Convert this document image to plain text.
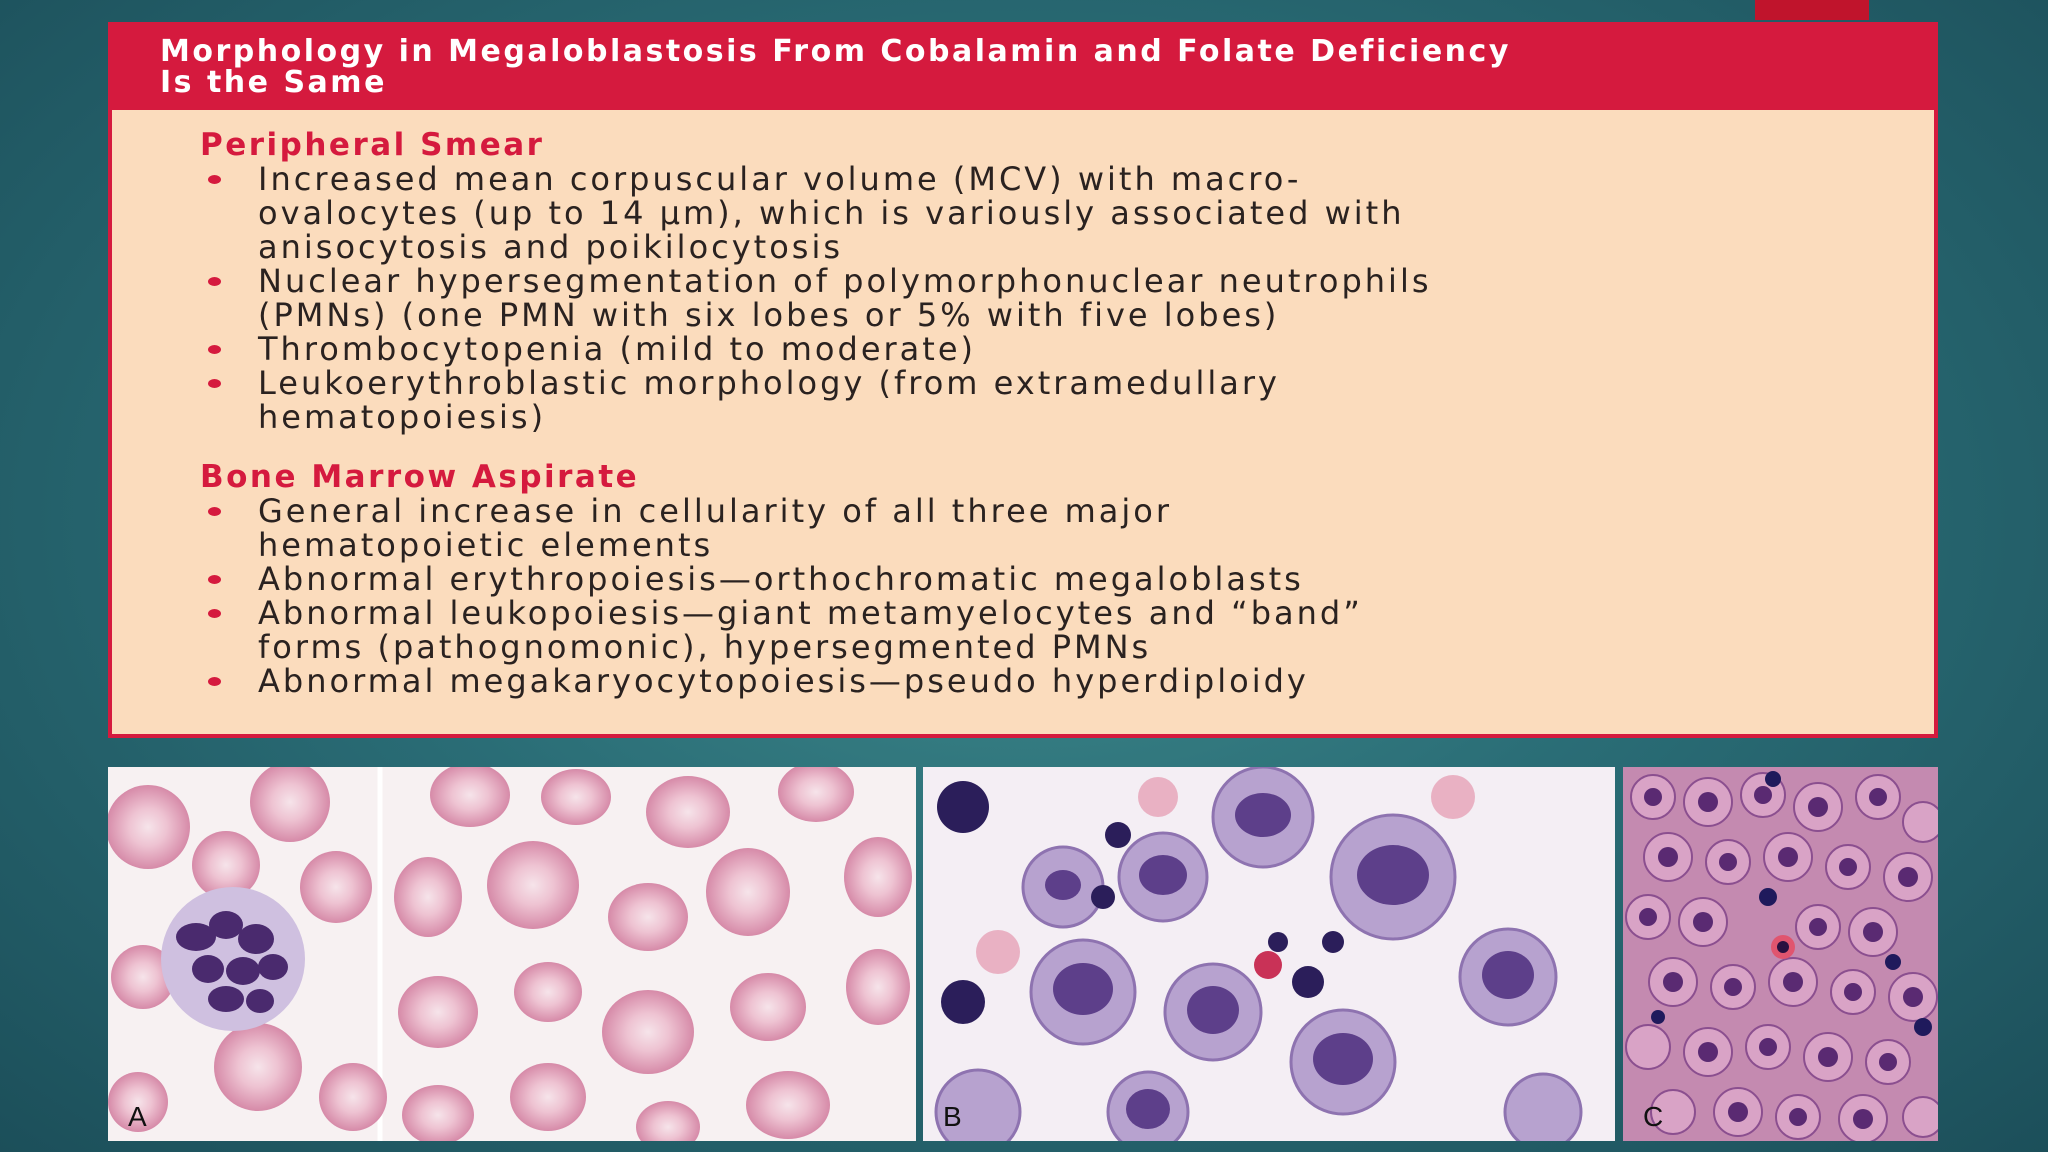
Morphology in Megaloblastosis From Cobalamin and Folate Deficiency
Is the Same
Peripheral Smear
Increased mean corpuscular volume (MCV) with macro-
ovalocytes (up to 14 µm), which is variously associated with
anisocytosis and poikilocytosis
Nuclear hypersegmentation of polymorphonuclear neutrophils
(PMNs) (one PMN with six lobes or 5% with five lobes)
Thrombocytopenia (mild to moderate)
Leukoerythroblastic morphology (from extramedullary
hematopoiesis)
Bone Marrow Aspirate
General increase in cellularity of all three major
hematopoietic elements
Abnormal erythropoiesis—orthochromatic megaloblasts
Abnormal leukopoiesis—giant metamyelocytes and “band”
forms (pathognomonic), hypersegmented PMNs
Abnormal megakaryocytopoiesis—pseudo hyperdiploidy
A	B	C
